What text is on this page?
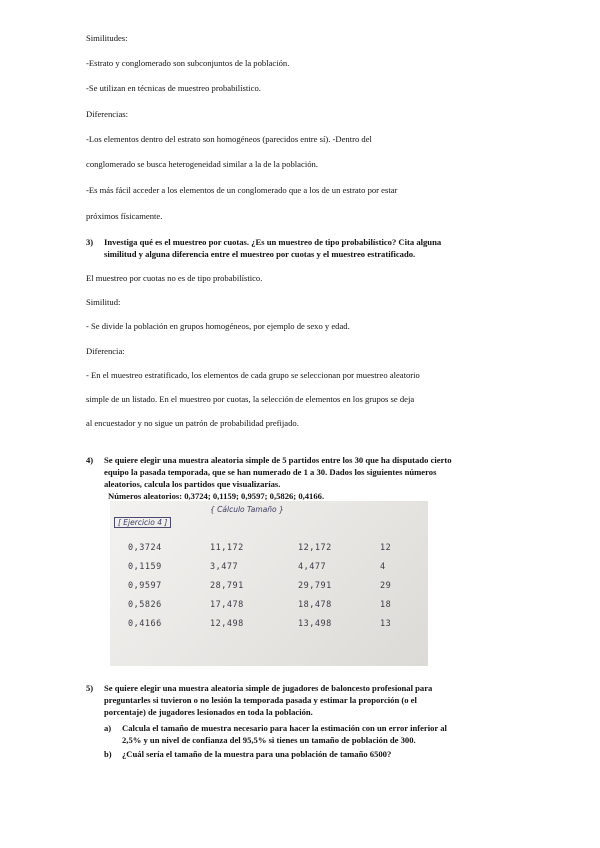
Similitudes:
-Estrato y conglomerado son subconjuntos de la población.
-Se utilizan en técnicas de muestreo probabilístico.
Diferencias:
-Los elementos dentro del estrato son homogéneos (parecidos entre sí). -Dentro del
conglomerado se busca heterogeneidad similar a la de la población.
-Es más fácil acceder a los elementos de un conglomerado que a los de un estrato por estar
próximos físicamente.
3) Investiga qué es el muestreo por cuotas. ¿Es un muestreo de tipo probabilístico? Cita alguna
similitud y alguna diferencia entre el muestreo por cuotas y el muestreo estratificado.
El muestreo por cuotas no es de tipo probabilístico.
Similitud:
- Se divide la población en grupos homogéneos, por ejemplo de sexo y edad.
Diferencia:
- En el muestreo estratificado, los elementos de cada grupo se seleccionan por muestreo aleatorio
simple de un listado. En el muestreo por cuotas, la selección de elementos en los grupos se deja
al encuestador y no sigue un patrón de probabilidad prefijado.
4) Se quiere elegir una muestra aleatoria simple de 5 partidos entre los 30 que ha disputado cierto
equipo la pasada temporada, que se han numerado de 1 a 30. Dados los siguientes números
aleatorios, calcula los partidos que visualizarías.
Números aleatorios: 0,3724; 0,1159; 0,9597; 0,5826; 0,4166.
[ Ejercicio 4 ]
{ Cálculo Tamaño }
0,3724	11,172	12,172	12
0,1159	3,477	4,477	4
0,9597	28,791	29,791	29
0,5826	17,478	18,478	18
0,4166	12,498	13,498	13
5) Se quiere elegir una muestra aleatoria simple de jugadores de baloncesto profesional para
preguntarles si tuvieron o no lesión la temporada pasada y estimar la proporción (o el
porcentaje) de jugadores lesionados en toda la población.
a) Calcula el tamaño de muestra necesario para hacer la estimación con un error inferior al
2,5% y un nivel de confianza del 95,5% si tienes un tamaño de población de 300.
b) ¿Cuál sería el tamaño de la muestra para una población de tamaño 6500?
